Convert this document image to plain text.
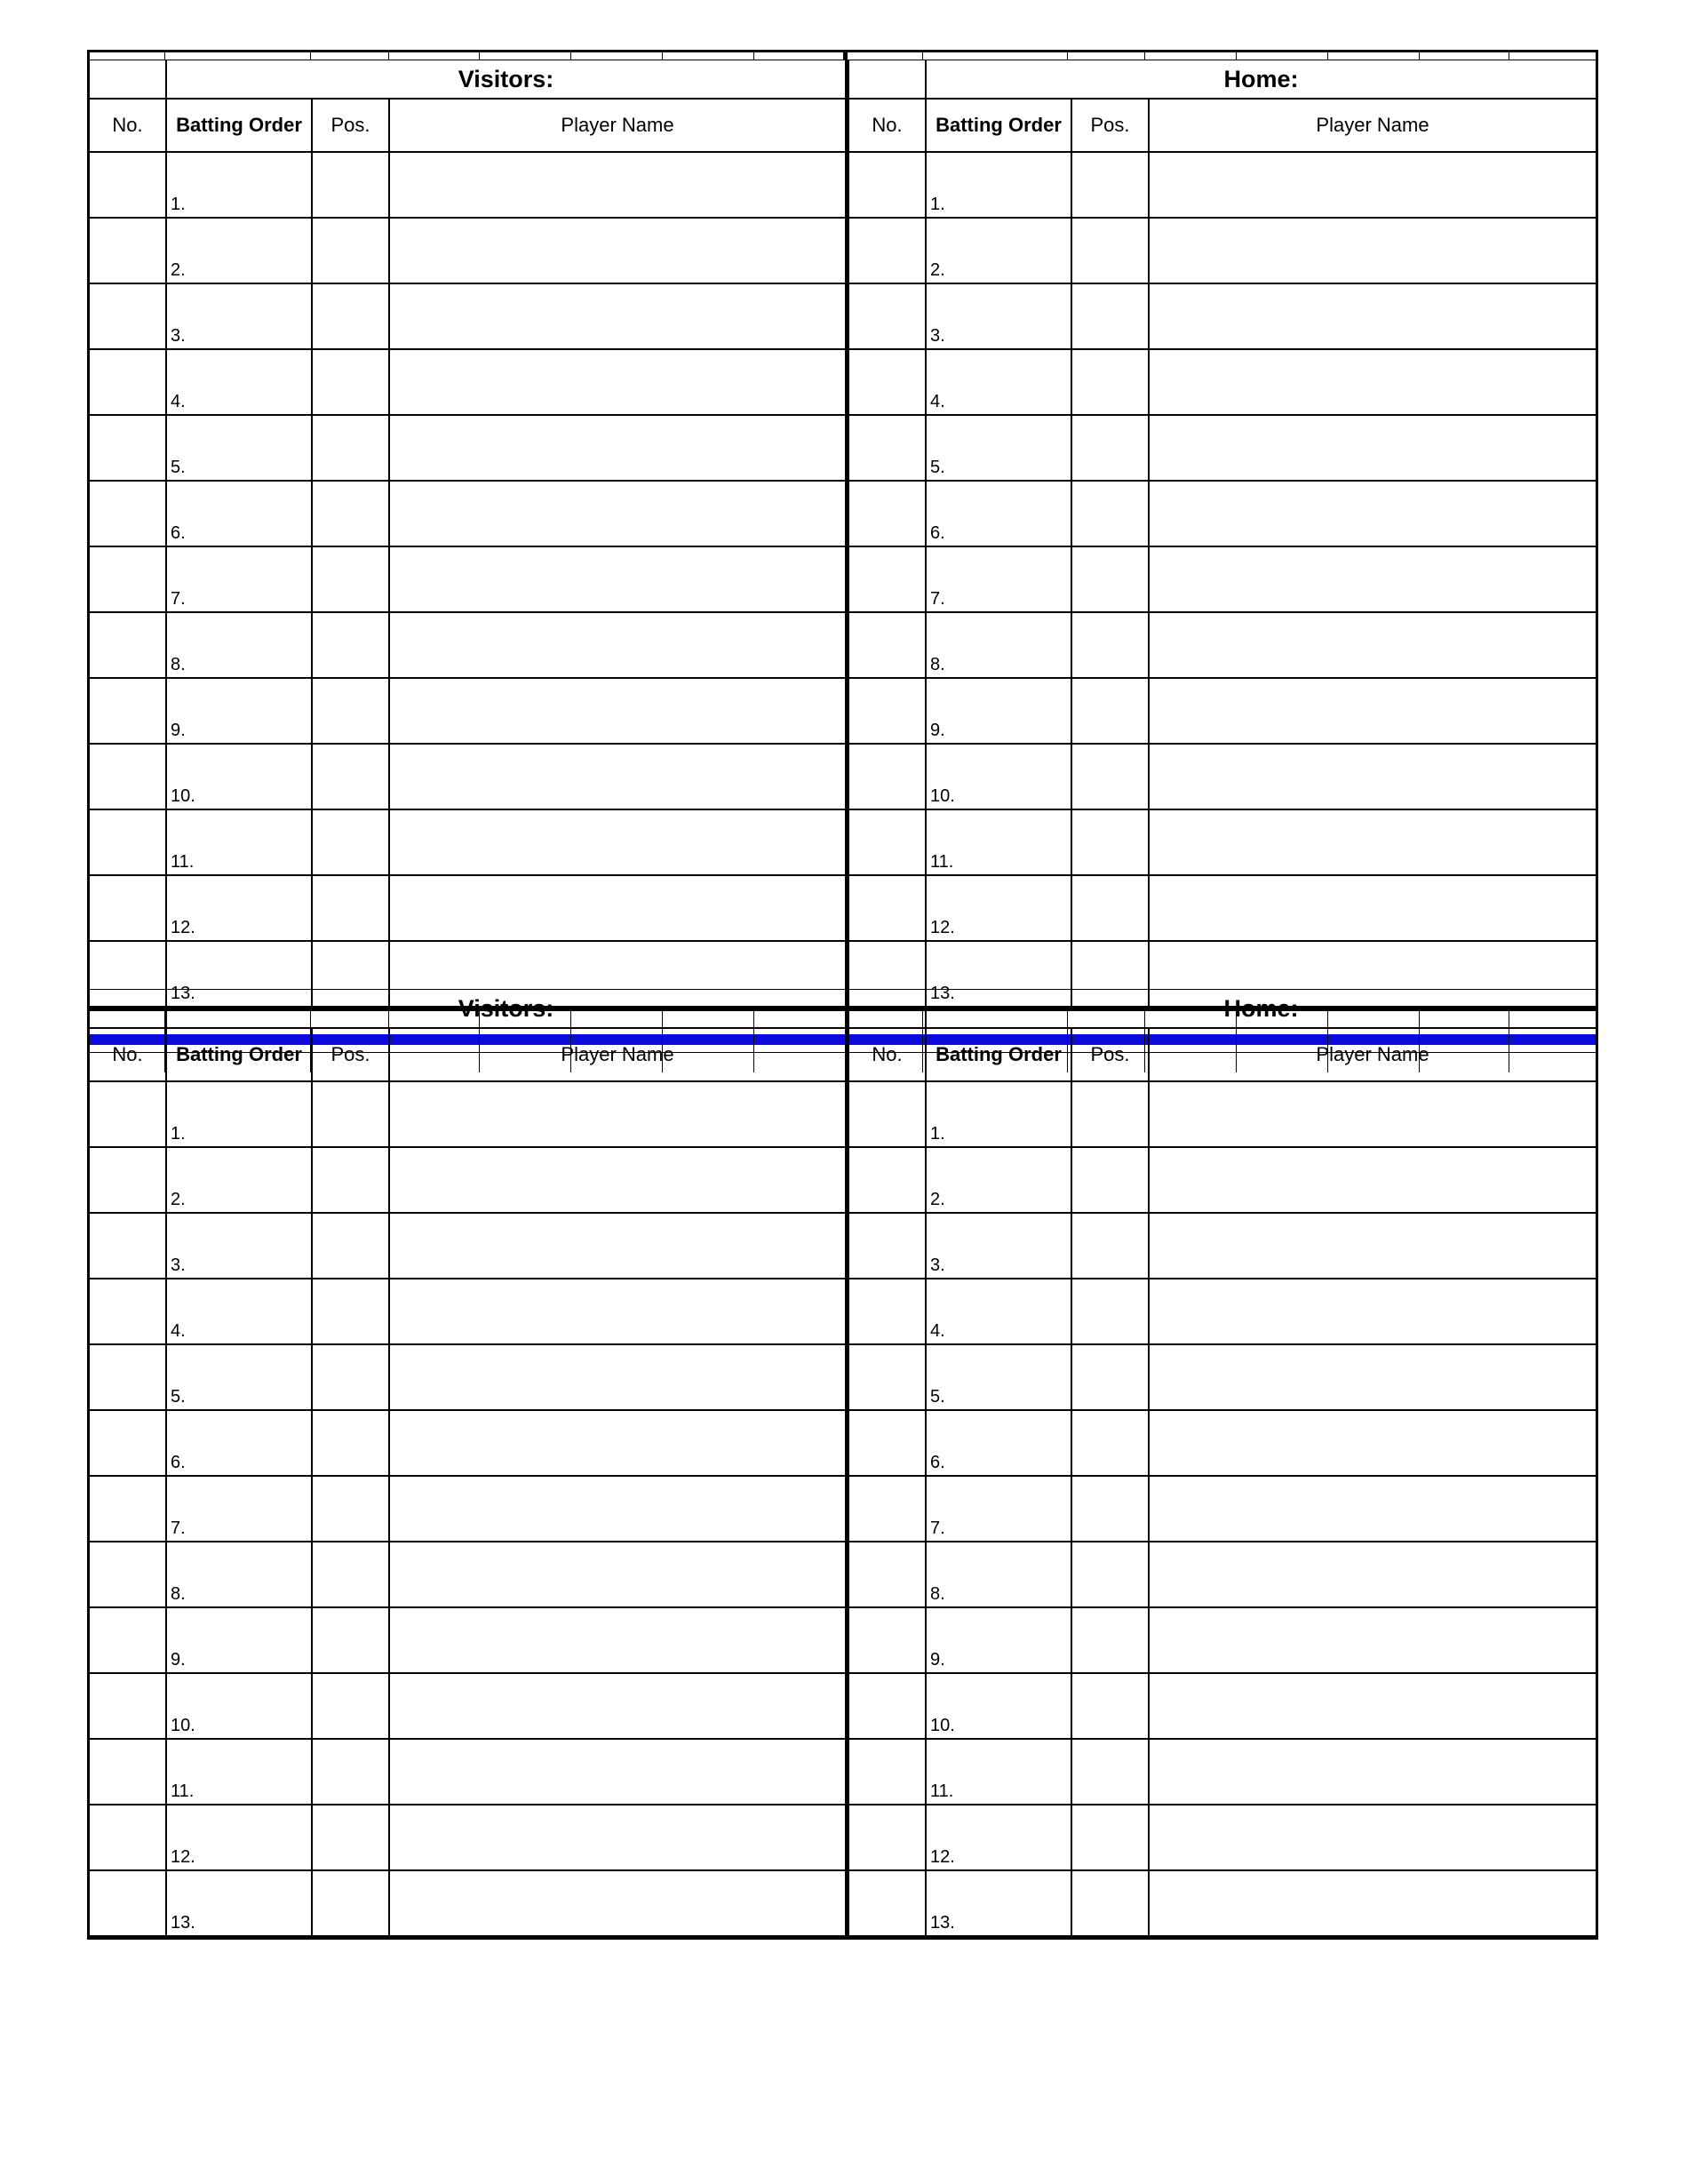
	Visitors:		
No.	Batting Order	Pos.	Player Name
	1.		
	2.		
	3.		
	4.		
	5.		
	6.		
	7.		
	8.		
	9.		
	10.		
	11.		
	12.		
	13.		
	Home:		
No.	Batting Order	Pos.	Player Name
	1.		
	2.		
	3.		
	4.		
	5.		
	6.		
	7.		
	8.		
	9.		
	10.		
	11.		
	12.		
	13.		
	Visitors:		
No.	Batting Order	Pos.	Player Name
	1.		
	2.		
	3.		
	4.		
	5.		
	6.		
	7.		
	8.		
	9.		
	10.		
	11.		
	12.		
	13.		
	Home:		
No.	Batting Order	Pos.	Player Name
	1.		
	2.		
	3.		
	4.		
	5.		
	6.		
	7.		
	8.		
	9.		
	10.		
	11.		
	12.		
	13.		
